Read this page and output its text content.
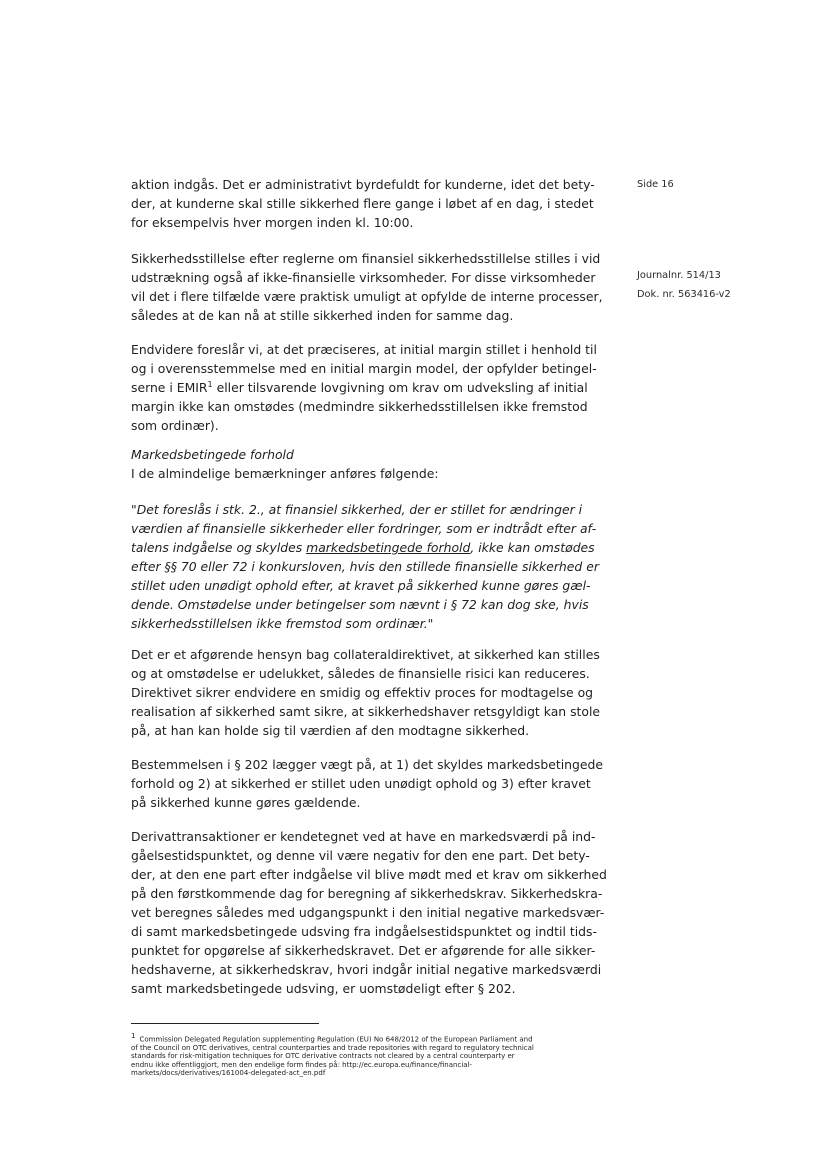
Side 16
Journalnr. 514/13
Dok. nr. 563416-v2

aktion indgås. Det er administrativt byrdefuldt for kunderne, idet det bety-
der, at kunderne skal stille sikkerhed flere gange i løbet af en dag, i stedet
for eksempelvis hver morgen inden kl. 10:00.

Sikkerhedsstillelse efter reglerne om finansiel sikkerhedsstillelse stilles i vid
udstrækning også af ikke-finansielle virksomheder. For disse virksomheder
vil det i flere tilfælde være praktisk umuligt at opfylde de interne processer,
således at de kan nå at stille sikkerhed inden for samme dag.

Endvidere foreslår vi, at det præciseres, at initial margin stillet i henhold til
og i overensstemmelse med en initial margin model, der opfylder betingel-
serne i EMIR$^1$ eller tilsvarende lovgivning om krav om udveksling af initial
margin ikke kan omstødes (medmindre sikkerhedsstillelsen ikke fremstod
som ordinær).

Markedsbetingede forhold
I de almindelige bemærkninger anføres følgende:

"Det foreslås i stk. 2., at finansiel sikkerhed, der er stillet for ændringer i
værdien af finansielle sikkerheder eller fordringer, som er indtrådt efter af-
talens indgåelse og skyldes markedsbetingede forhold, ikke kan omstødes
efter §§ 70 eller 72 i konkursloven, hvis den stillede finansielle sikkerhed er
stillet uden unødigt ophold efter, at kravet på sikkerhed kunne gøres gæl-
dende. Omstødelse under betingelser som nævnt i § 72 kan dog ske, hvis
sikkerhedsstillelsen ikke fremstod som ordinær."

Det er et afgørende hensyn bag collateraldirektivet, at sikkerhed kan stilles
og at omstødelse er udelukket, således de finansielle risici kan reduceres.
Direktivet sikrer endvidere en smidig og effektiv proces for modtagelse og
realisation af sikkerhed samt sikre, at sikkerhedshaver retsgyldigt kan stole
på, at han kan holde sig til værdien af den modtagne sikkerhed.

Bestemmelsen i § 202 lægger vægt på, at 1) det skyldes markedsbetingede
forhold og 2) at sikkerhed er stillet uden unødigt ophold og 3) efter kravet
på sikkerhed kunne gøres gældende.

Derivattransaktioner er kendetegnet ved at have en markedsværdi på ind-
gåelsestidspunktet, og denne vil være negativ for den ene part. Det bety-
der, at den ene part efter indgåelse vil blive mødt med et krav om sikkerhed
på den førstkommende dag for beregning af sikkerhedskrav. Sikkerhedskra-
vet beregnes således med udgangspunkt i den initial negative markedsvær-
di samt markedsbetingede udsving fra indgåelsestidspunktet og indtil tids-
punktet for opgørelse af sikkerhedskravet. Det er afgørende for alle sikker-
hedshaverne, at sikkerhedskrav, hvori indgår initial negative markedsværdi
samt markedsbetingede udsving, er uomstødeligt efter § 202.

$^1$ Commission Delegated Regulation supplementing Regulation (EU) No 648/2012 of the European Parliament and
of the Council on OTC derivatives, central counterparties and trade repositories with regard to regulatory technical
standards for risk-mitigation techniques for OTC derivative contracts not cleared by a central counterparty er
endnu ikke offentliggjort, men den endelige form findes på: http://ec.europa.eu/finance/financial-
markets/docs/derivatives/161004-delegated-act_en.pdf
